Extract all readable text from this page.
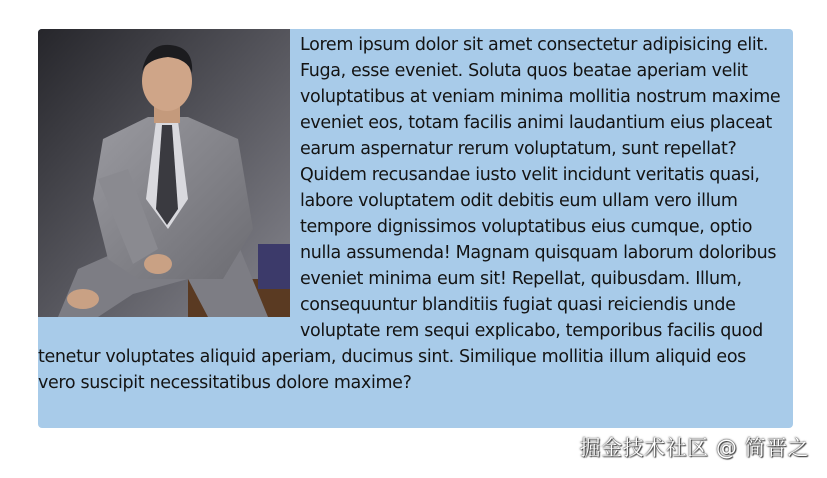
Lorem ipsum dolor sit amet consectetur adipisicing elit. Fuga, esse eveniet. Soluta quos beatae aperiam velit voluptatibus at veniam minima mollitia nostrum maxime eveniet eos, totam facilis animi laudantium eius placeat earum aspernatur rerum voluptatum, sunt repellat? Quidem recusandae iusto velit incidunt veritatis quasi, labore voluptatem odit debitis eum ullam vero illum tempore dignissimos voluptatibus eius cumque, optio nulla assumenda! Magnam quisquam laborum doloribus eveniet minima eum sit! Repellat, quibusdam. Illum, consequuntur blanditiis fugiat quasi reiciendis unde voluptate rem sequi explicabo, temporibus facilis quod tenetur voluptates aliquid aperiam, ducimus sint. Similique mollitia illum aliquid eos vero suscipit necessitatibus dolore maxime?

掘金技术社区 @ 简晋之
